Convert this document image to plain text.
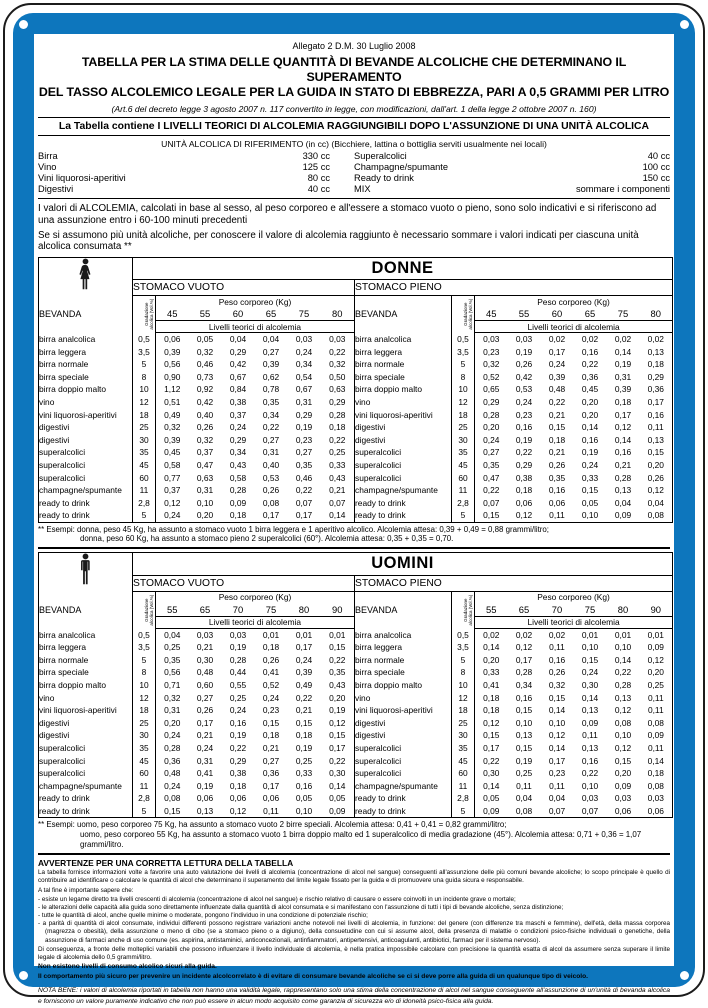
Allegato 2 D.M. 30 Luglio 2008
TABELLA PER LA STIMA DELLE QUANTITÀ DI BEVANDE ALCOLICHE CHE DETERMINANO IL SUPERAMENTO
DEL TASSO ALCOLEMICO LEGALE PER LA GUIDA IN STATO DI EBBREZZA, PARI A 0,5 GRAMMI PER LITRO
(Art.6 del decreto legge 3 agosto 2007 n. 117 convertito in legge, con modificazioni, dall'art. 1 della legge 2 ottobre 2007 n. 160)
La Tabella contiene I LIVELLI TEORICI DI ALCOLEMIA RAGGIUNGIBILI DOPO L'ASSUNZIONE DI UNA UNITÀ ALCOLICA
UNITÀ ALCOLICA DI RIFERIMENTO (in cc) (Bicchiere, lattina o bottiglia serviti usualmente nei locali)
Birra	330 cc
Vino	125 cc
Vini liquorosi-aperitivi	80 cc
Digestivi	40 cc
Superalcolici	40 cc
Champagne/spumante	100 cc
Ready to drink	150 cc
MIX	sommare i componenti
I valori di ALCOLEMIA, calcolati in base al sesso, al peso corporeo e all'essere a stomaco vuoto o pieno, sono solo indicativi e si riferiscono ad una assunzione entro i 60-100 minuti precedenti
Se si assumono più unità alcoliche, per conoscere il valore di alcolemia raggiunto è necessario sommare i valori indicati per ciascuna unità alcolica consumata **
	DONNE														
	STOMACO VUOTO							STOMACO PIENO							
BEVANDA	Gradazione alcolica (Vol.%)	Peso corporeo (Kg)						BEVANDA	Gradazione alcolica (Vol.%)	Peso corporeo (Kg)					
		45	55	60	65	75	80			45	55	60	65	75	80
		Livelli teorici di alcolemia								Livelli teorici di alcolemia					
birra analcolica	0,5	0,06	0,05	0,04	0,04	0,03	0,03	birra analcolica	0,5	0,03	0,03	0,02	0,02	0,02	0,02
birra leggera	3,5	0,39	0,32	0,29	0,27	0,24	0,22	birra leggera	3,5	0,23	0,19	0,17	0,16	0,14	0,13
birra normale	5	0,56	0,46	0,42	0,39	0,34	0,32	birra normale	5	0,32	0,26	0,24	0,22	0,19	0,18
birra speciale	8	0,90	0,73	0,67	0,62	0,54	0,50	birra speciale	8	0,52	0,42	0,39	0,36	0,31	0,29
birra doppio malto	10	1,12	0,92	0,84	0,78	0,67	0,63	birra doppio malto	10	0,65	0,53	0,48	0,45	0,39	0,36
vino	12	0,51	0,42	0,38	0,35	0,31	0,29	vino	12	0,29	0,24	0,22	0,20	0,18	0,17
vini liquorosi-aperitivi	18	0,49	0,40	0,37	0,34	0,29	0,28	vini liquorosi-aperitivi	18	0,28	0,23	0,21	0,20	0,17	0,16
digestivi	25	0,32	0,26	0,24	0,22	0,19	0,18	digestivi	25	0,20	0,16	0,15	0,14	0,12	0,11
digestivi	30	0,39	0,32	0,29	0,27	0,23	0,22	digestivi	30	0,24	0,19	0,18	0,16	0,14	0,13
superalcolici	35	0,45	0,37	0,34	0,31	0,27	0,25	superalcolici	35	0,27	0,22	0,21	0,19	0,16	0,15
superalcolici	45	0,58	0,47	0,43	0,40	0,35	0,33	superalcolici	45	0,35	0,29	0,26	0,24	0,21	0,20
superalcolici	60	0,77	0,63	0,58	0,53	0,46	0,43	superalcolici	60	0,47	0,38	0,35	0,33	0,28	0,26
champagne/spumante	11	0,37	0,31	0,28	0,26	0,22	0,21	champagne/spumante	11	0,22	0,18	0,16	0,15	0,13	0,12
ready to drink	2,8	0,12	0,10	0,09	0,08	0,07	0,07	ready to drink	2,8	0,07	0,06	0,06	0,05	0,04	0,04
ready to drink	5	0,24	0,20	0,18	0,17	0,17	0,14	ready to drink	5	0,15	0,12	0,11	0,10	0,09	0,08
** Esempi: donna, peso 45 Kg, ha assunto a stomaco vuoto 1 birra leggera e 1 aperitivo alcolico. Alcolemia attesa: 0,39 + 0,49 = 0,88 grammi/litro;
donna, peso 60 Kg, ha assunto a stomaco pieno 2 superalcolici (60°). Alcolemia attesa: 0,35 + 0,35 = 0,70.
	UOMINI														
	STOMACO VUOTO							STOMACO PIENO							
BEVANDA	Gradazione alcolica (Vol.%)	Peso corporeo (Kg)						BEVANDA	Gradazione alcolica (Vol.%)	Peso corporeo (Kg)					
		55	65	70	75	80	90			55	65	70	75	80	90
		Livelli teorici di alcolemia								Livelli teorici di alcolemia					
birra analcolica	0,5	0,04	0,03	0,03	0,01	0,01	0,01	birra analcolica	0,5	0,02	0,02	0,02	0,01	0,01	0,01
birra leggera	3,5	0,25	0,21	0,19	0,18	0,17	0,15	birra leggera	3,5	0,14	0,12	0,11	0,10	0,10	0,09
birra normale	5	0,35	0,30	0,28	0,26	0,24	0,22	birra normale	5	0,20	0,17	0,16	0,15	0,14	0,12
birra speciale	8	0,56	0,48	0,44	0,41	0,39	0,35	birra speciale	8	0,33	0,28	0,26	0,24	0,22	0,20
birra doppio malto	10	0,71	0,60	0,55	0,52	0,49	0,43	birra doppio malto	10	0,41	0,34	0,32	0,30	0,28	0,25
vino	12	0,32	0,27	0,25	0,24	0,22	0,20	vino	12	0,18	0,16	0,15	0,14	0,13	0,11
vini liquorosi-aperitivi	18	0,31	0,26	0,24	0,23	0,21	0,19	vini liquorosi-aperitivi	18	0,18	0,15	0,14	0,13	0,12	0,11
digestivi	25	0,20	0,17	0,16	0,15	0,15	0,12	digestivi	25	0,12	0,10	0,10	0,09	0,08	0,08
digestivi	30	0,24	0,21	0,19	0,18	0,18	0,15	digestivi	30	0,15	0,13	0,12	0,11	0,10	0,09
superalcolici	35	0,28	0,24	0,22	0,21	0,19	0,17	superalcolici	35	0,17	0,15	0,14	0,13	0,12	0,11
superalcolici	45	0,36	0,31	0,29	0,27	0,25	0,22	superalcolici	45	0,22	0,19	0,17	0,16	0,15	0,14
superalcolici	60	0,48	0,41	0,38	0,36	0,33	0,30	superalcolici	60	0,30	0,25	0,23	0,22	0,20	0,18
champagne/spumante	11	0,24	0,19	0,18	0,17	0,16	0,14	champagne/spumante	11	0,14	0,11	0,11	0,10	0,09	0,08
ready to drink	2,8	0,08	0,06	0,06	0,06	0,05	0,05	ready to drink	2,8	0,05	0,04	0,04	0,03	0,03	0,03
ready to drink	5	0,15	0,13	0,12	0,11	0,10	0,09	ready to drink	5	0,09	0,08	0,07	0,07	0,06	0,06
** Esempi: uomo, peso corporeo 75 Kg, ha assunto a stomaco vuoto 2 birre speciali. Alcolemia attesa: 0,41 + 0,41 = 0,82 grammi/litro;
uomo, peso corporeo 55 Kg, ha assunto a stomaco vuoto 1 birra doppio malto ed 1 superalcolico di media gradazione (45°). Alcolemia attesa: 0,71 + 0,36 = 1,07 grammi/litro.
AVVERTENZE PER UNA CORRETTA LETTURA DELLA TABELLA
La tabella fornisce informazioni volte a favorire una auto valutazione dei livelli di alcolemia (concentrazione di alcol nel sangue) conseguenti all'assunzione delle più comuni bevande alcoliche; lo scopo principale è quello di contribuire ad identificare o calcolare le quantità di alcol che determinano il superamento del limite legale fissato per la guida e di promuovere una guida sicura e responsabile.
A tal fine è importante sapere che:
- esiste un legame diretto tra livelli crescenti di alcolemia (concentrazione di alcol nel sangue) e rischio relativo di causare o essere coinvolti in un incidente grave o mortale;
- le alterazioni delle capacità alla guida sono direttamente influenzate dalla quantità di alcol consumata e si manifestano con l'assunzione di tutti i tipi di bevande alcoliche, senza distinzione;
- tutte le quantità di alcol, anche quelle minime o moderate, pongono l'individuo in una condizione di potenziale rischio;
- a parità di quantità di alcol consumate, individui differenti possono registrare variazioni anche notevoli nei livelli di alcolemia, in funzione: del genere (con differenze tra maschi e femmine), dell'età, della massa corporea (magrezza o obesità), della assunzione o meno di cibo (se a stomaco pieno o a digiuno), della consuetudine con cui si assume alcol, della presenza di malattie o condizioni psico-fisiche individuali o genetiche, della assunzione di farmaci anche di uso comune (es. aspirina, antistaminici, anticoncezionali, antinfiammatori, antipertensivi, anticoagulanti, antibiotici, farmaci per il sistema nervoso).
Di conseguenza, a fronte delle molteplici variabili che possono influenzare il livello individuale di alcolemia, è nella pratica impossibile calcolare con precisione la quantità esatta di alcol da assumere senza superare il limite legale di alcolemia dello 0,5 grammi/litro.
Non esistono livelli di consumo alcolico sicuri alla guida.
Il comportamento più sicuro per prevenire un incidente alcolcorrelato è di evitare di consumare bevande alcoliche se ci si deve porre alla guida di un qualunque tipo di veicolo.
NOTA BENE: i valori di alcolemia riportati in tabella non hanno una validità legale, rappresentano solo una stima della concentrazione di alcol nel sangue conseguente all'assunzione di un'unità di bevanda alcolica e forniscono un valore puramente indicativo che non può essere in alcun modo acquisito come garanzia di sicurezza e/o di idoneità psico-fisica alla guida.
